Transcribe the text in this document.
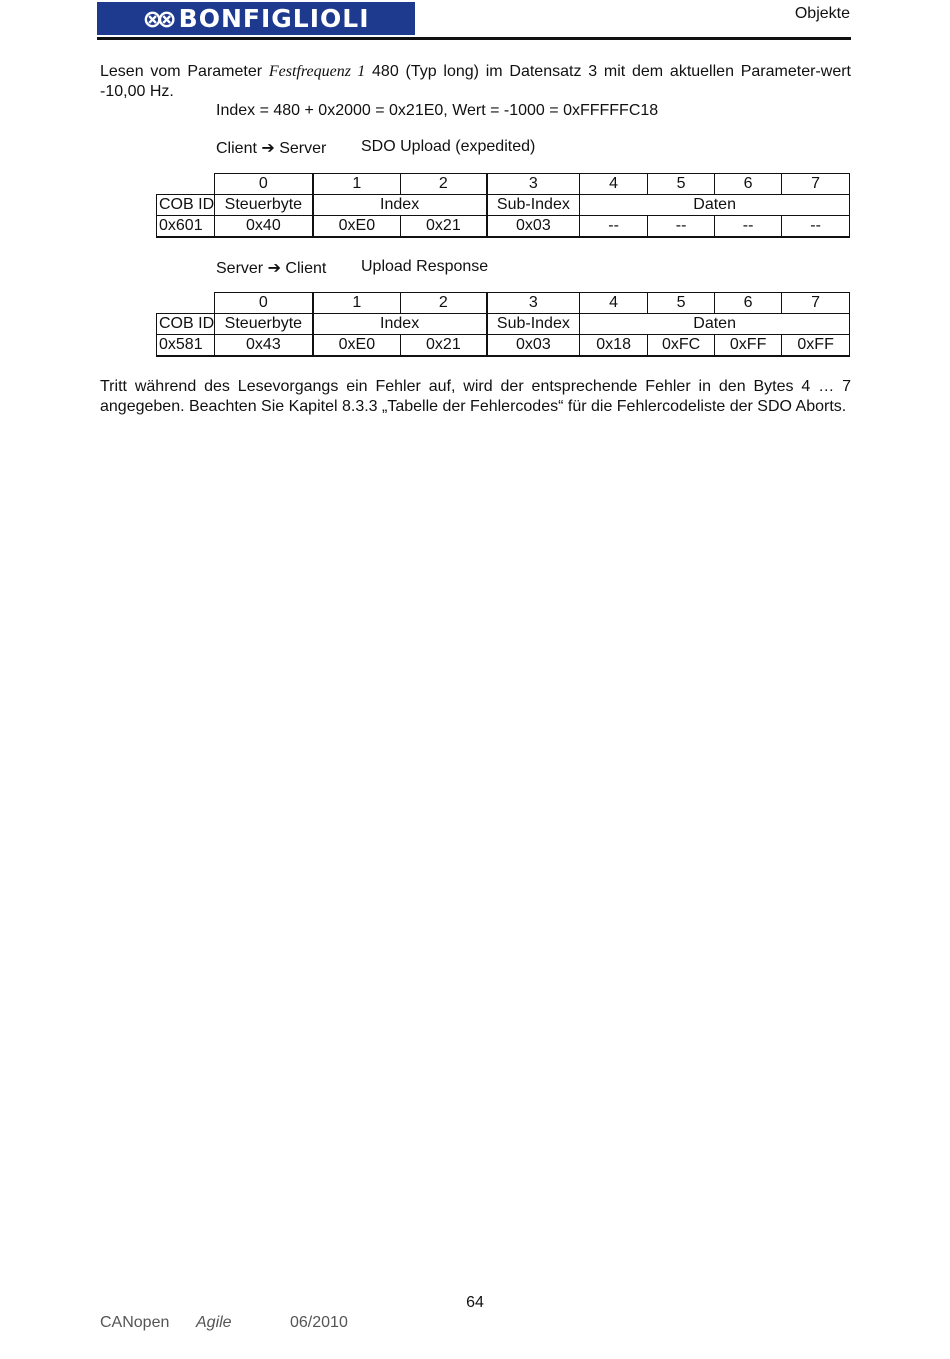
⊗⊗ BONFIGLIOLI	Objekte
Lesen vom Parameter Festfrequenz 1 480 (Typ long) im Datensatz 3 mit dem aktuellen Parameter-wert -10,00 Hz.
Index = 480 + 0x2000 = 0x21E0, Wert = -1000 = 0xFFFFFC18
Client ➔ Server SDO Upload (expedited)
	0	1	2	3	4	5	6	7
COB ID	Steuerbyte	Index		Sub-Index	Daten			
0x601	0x40	0xE0	0x21	0x03	--	--	--	--
Server ➔ Client Upload Response
	0	1	2	3	4	5	6	7
COB ID	Steuerbyte	Index		Sub-Index	Daten			
0x581	0x43	0xE0	0x21	0x03	0x18	0xFC	0xFF	0xFF
Tritt während des Lesevorgangs ein Fehler auf, wird der entsprechende Fehler in den Bytes 4 … 7 angegeben. Beachten Sie Kapitel 8.3.3 „Tabelle der Fehlercodes“ für die Fehlercodeliste der SDO Aborts.
64
CANopen Agile	06/2010
